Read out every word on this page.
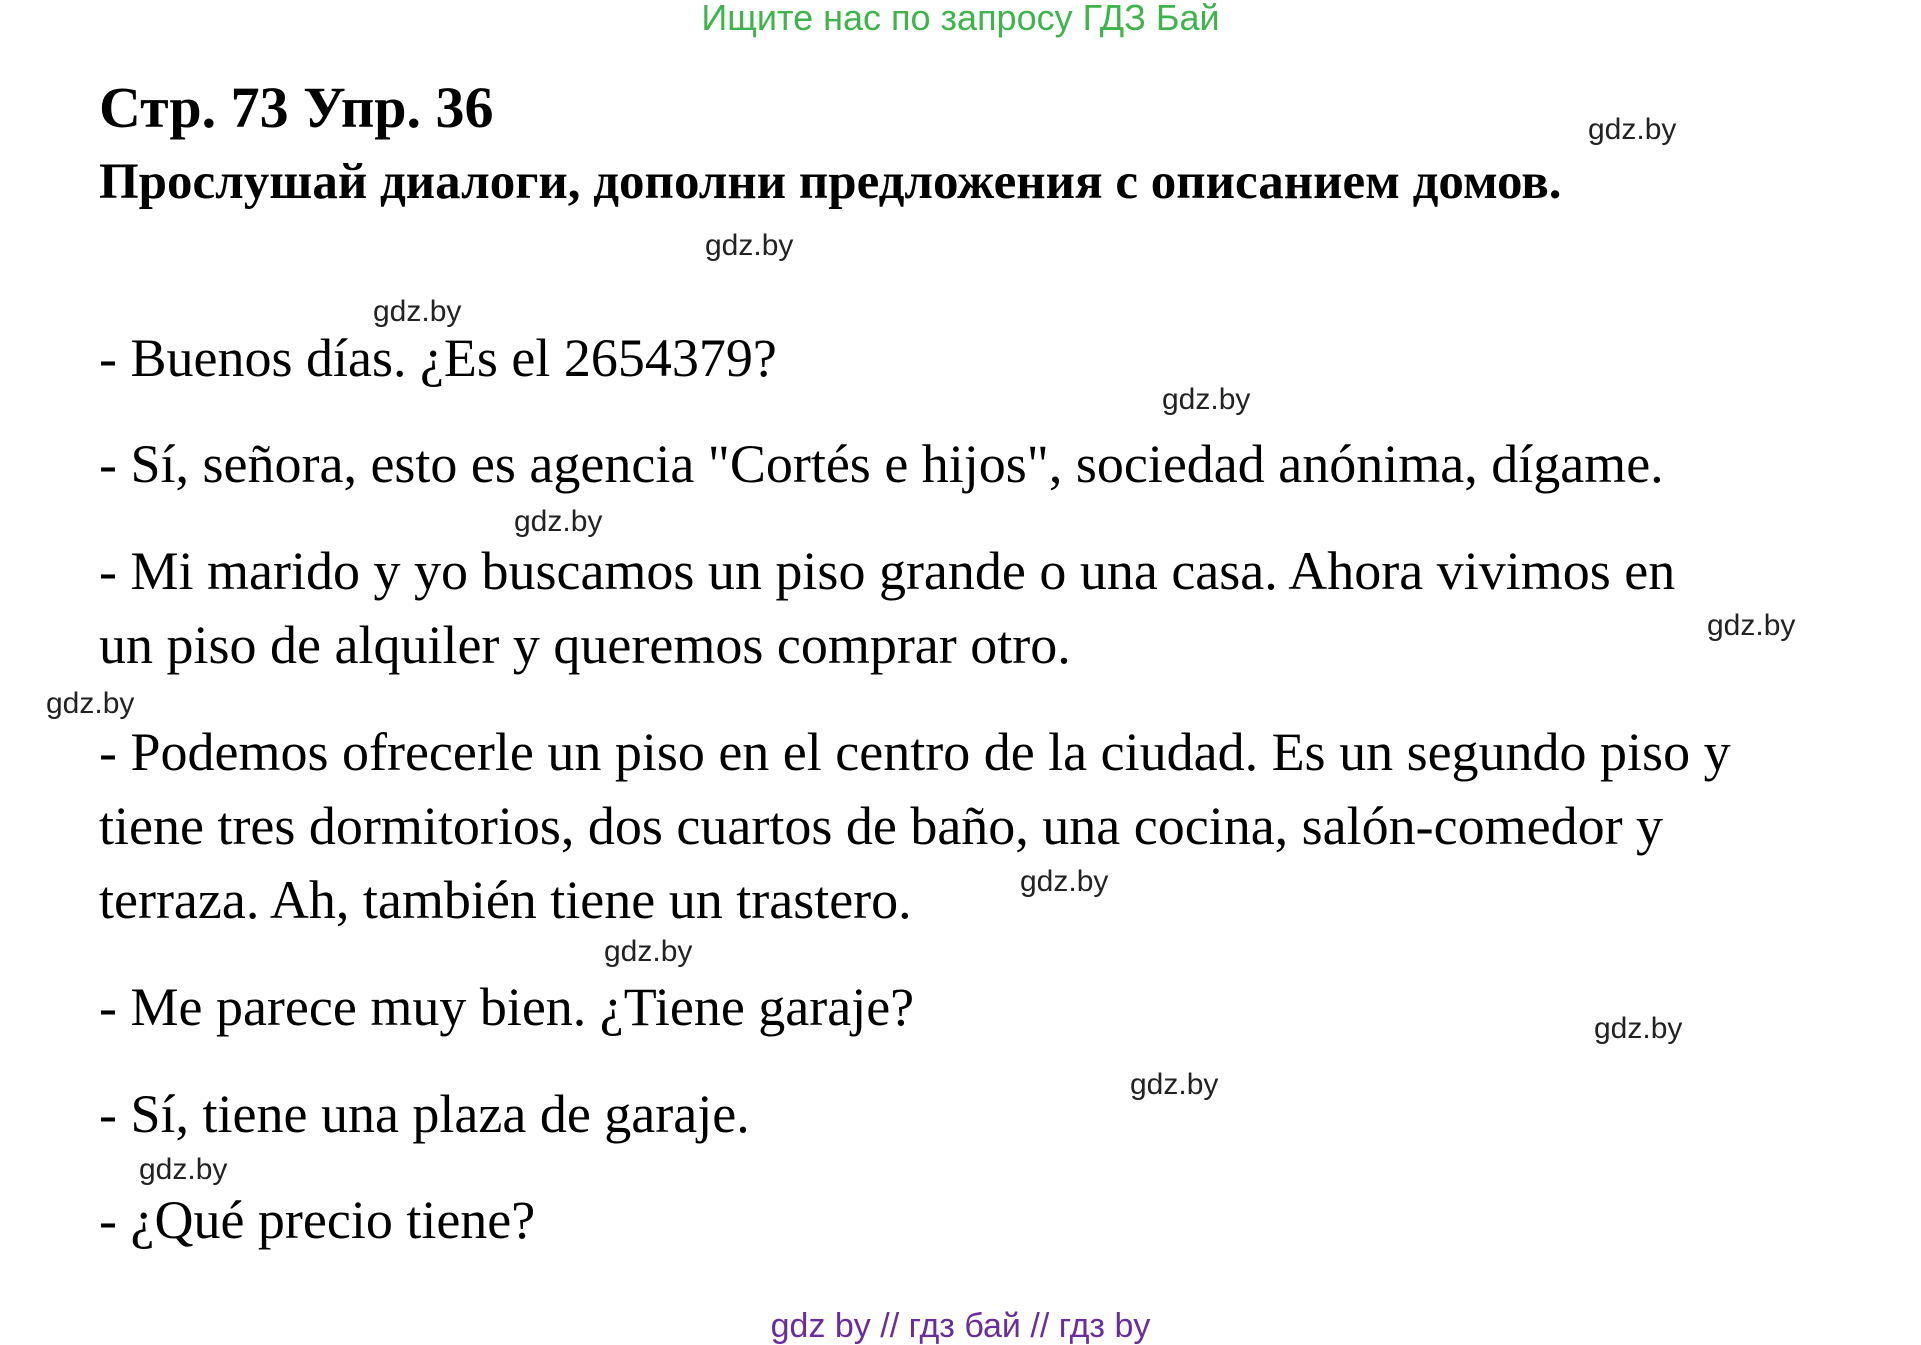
Ищите нас по запросу ГДЗ Бай
Стр. 73 Упр. 36
Прослушай диалоги, дополни предложения с описанием домов.
- Buenos días. ¿Es el 2654379?
- Sí, señora, esto es agencia "Cortés e hijos", sociedad anónima, dígame.
- Mi marido y yo buscamos un piso grande o una casa. Ahora vivimos en
un piso de alquiler y queremos comprar otro.
- Podemos ofrecerle un piso en el centro de la ciudad. Es un segundo piso y
tiene tres dormitorios, dos cuartos de baño, una cocina, salón-comedor y
terraza. Ah, también tiene un trastero.
- Me parece muy bien. ¿Tiene garaje?
- Sí, tiene una plaza de garaje.
- ¿Qué precio tiene?
gdz.by
gdz.by
gdz.by
gdz.by
gdz.by
gdz.by
gdz.by
gdz.by
gdz.by
gdz.by
gdz.by
gdz.by
gdz by // гдз бай // гдз by
